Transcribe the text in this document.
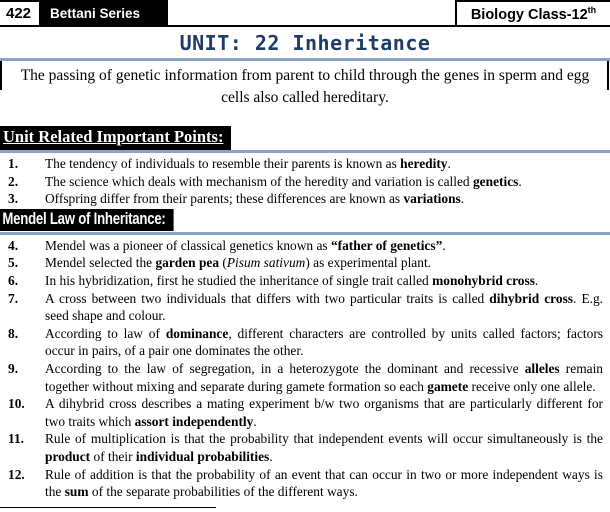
422	Bettani Series	Biology Class-12th
UNIT: 22 Inheritance
The passing of genetic information from parent to child through the genes in sperm and egg cells also called hereditary.
Unit Related Important Points:
1. The tendency of individuals to resemble their parents is known as heredity.
2. The science which deals with mechanism of the heredity and variation is called genetics.
3. Offspring differ from their parents; these differences are known as variations.
Mendel Law of Inheritance:
4. Mendel was a pioneer of classical genetics known as “father of genetics”.
5. Mendel selected the garden pea (Pisum sativum) as experimental plant.
6. In his hybridization, first he studied the inheritance of single trait called monohybrid cross.
7. A cross between two individuals that differs with two particular traits is called dihybrid cross. E.g. seed shape and colour.
8. According to law of dominance, different characters are controlled by units called factors; factors occur in pairs, of a pair one dominates the other.
9. According to the law of segregation, in a heterozygote the dominant and recessive alleles remain together without mixing and separate during gamete formation so each gamete receive only one allele.
10. A dihybrid cross describes a mating experiment b/w two organisms that are particularly different for two traits which assort independently.
11. Rule of multiplication is that the probability that independent events will occur simultaneously is the product of their individual probabilities.
12. Rule of addition is that the probability of an event that can occur in two or more independent ways is the sum of the separate probabilities of the different ways.
